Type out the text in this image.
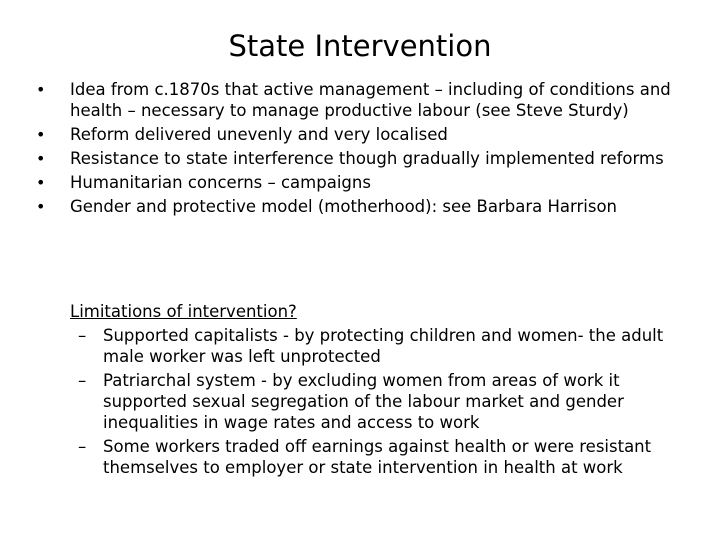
State Intervention
• Idea from c.1870s that active management – including of conditions and health – necessary to manage productive labour (see Steve Sturdy)
• Reform delivered unevenly and very localised
• Resistance to state interference though gradually implemented reforms
• Humanitarian concerns – campaigns
• Gender and protective model (motherhood): see Barbara Harrison
Limitations of intervention?
– Supported capitalists - by protecting children and women- the adult male worker was left unprotected
– Patriarchal system - by excluding women from areas of work it supported sexual segregation of the labour market and gender inequalities in wage rates and access to work
– Some workers traded off earnings against health or were resistant themselves to employer or state intervention in health at work
